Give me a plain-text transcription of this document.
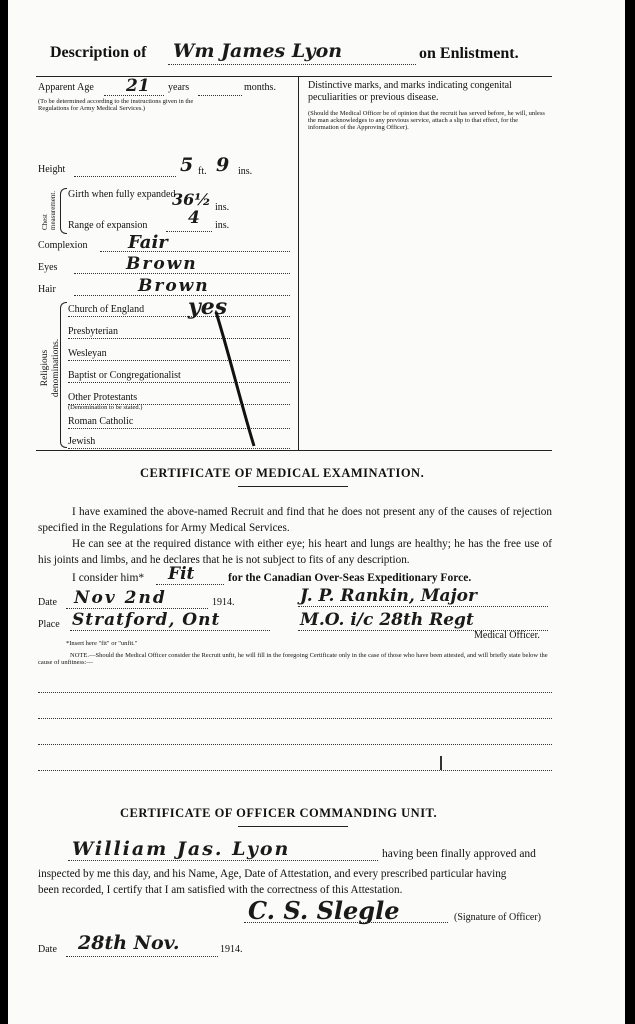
Description of Wm James Lyon	on Enlistment.
Apparent Age 21 years	months.
(To be determined according to the instructions given in the Regulations for Army Medical Services.)
Distinctive marks, and marks indicating congenital peculiarities or previous disease.
(Should the Medical Officer be of opinion that the recruit has served before, he will, unless the man acknowledges to any previous service, attach a slip to that effect, for the information of the Approving Officer).
Height	5 ft. 9 ins.
Chest measurement. Girth when fully expanded
36½ ins.
Range of expansion 4 ins.
Complexion Fair
Eyes	Brown
Hair	Brown
Religious denominations.
Church of England
Presbyterian
Wesleyan
Baptist or Congregationalist
Other Protestants
Roman Catholic
Jewish
(Denomination to be stated.)
yes
CERTIFICATE OF MEDICAL EXAMINATION.
I have examined the above-named Recruit and find that he does not present any of the causes of rejection specified in the Regulations for Army Medical Services.
He can see at the required distance with either eye; his heart and lungs are healthy; he has the free use of his joints and limbs, and he declares that he is not subject to fits of any description.
I consider him* Fit	for the Canadian Over-Seas Expeditionary Force.
Date Nov 2nd	1914.	J. P. Rankin, Major
Place Stratford, Ont	M.O. i/c 28th Regt
Medical Officer.
*Insert here "fit" or "unfit."
NOTE.—Should the Medical Officer consider the Recruit unfit, he will fill in the foregoing Certificate only in the case of those who have been attested, and will briefly state below the cause of unfitness:—
CERTIFICATE OF OFFICER COMMANDING UNIT.
William Jas. Lyon	having been finally approved and
inspected by me this day, and his Name, Age, Date of Attestation, and every prescribed particular having
been recorded, I certify that I am satisfied with the correctness of this Attestation.
C. S. Slegle	(Signature of Officer)
Date 28th Nov.	1914.
